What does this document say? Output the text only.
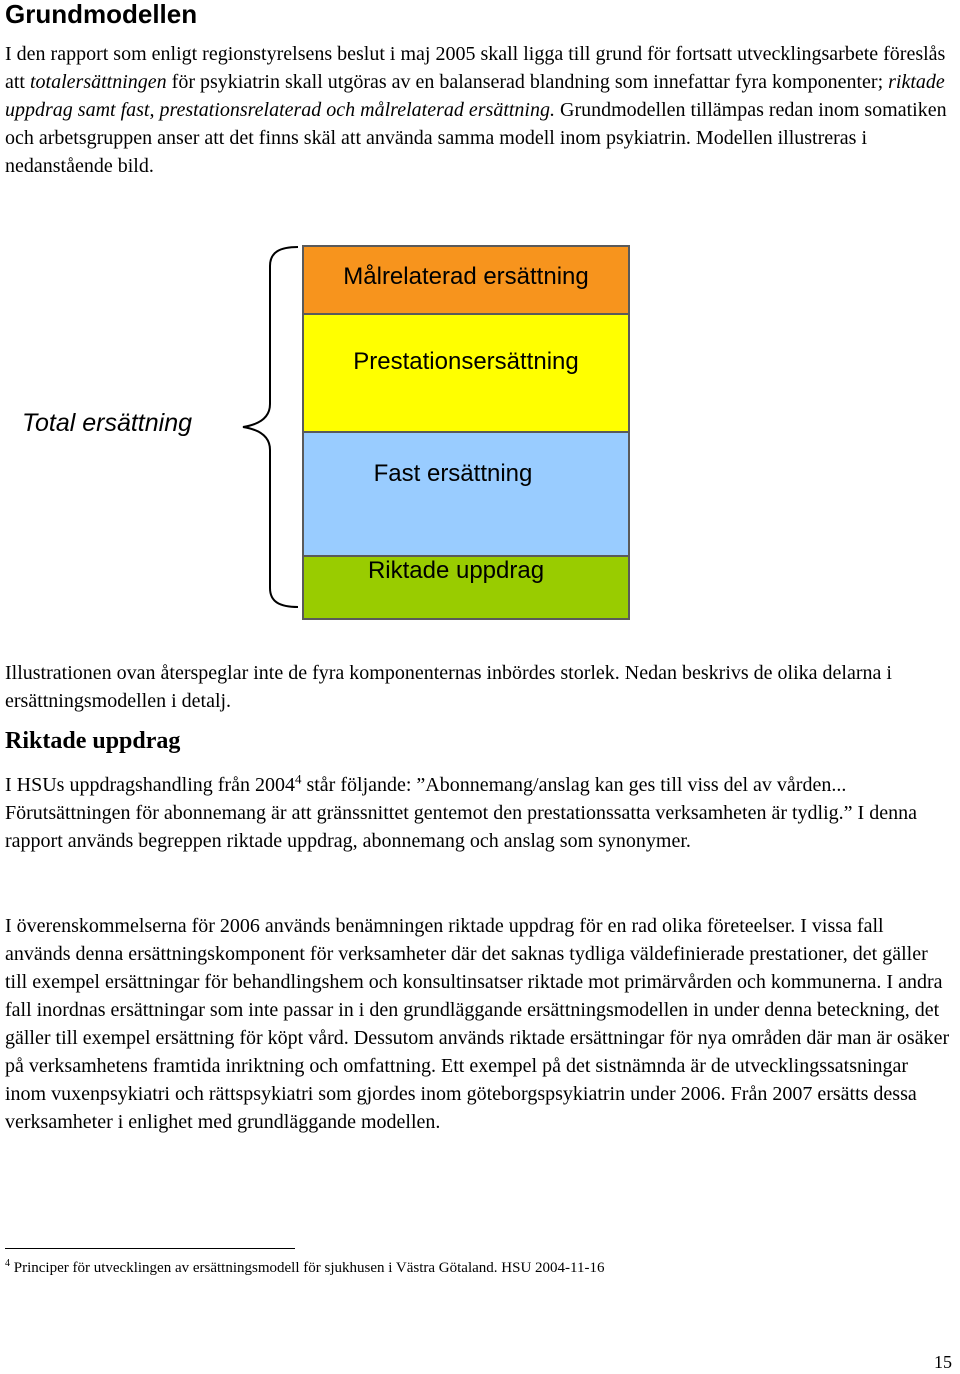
Grundmodellen

I den rapport som enligt regionstyrelsens beslut i maj 2005 skall ligga till grund för fortsatt utvecklingsarbete föreslås att totalersättningen för psykiatrin skall utgöras av en balanserad blandning som innefattar fyra komponenter; riktade uppdrag samt fast, prestationsrelaterad och målrelaterad ersättning. Grundmodellen tillämpas redan inom somatiken och arbetsgruppen anser att det finns skäl att använda samma modell inom psykiatrin. Modellen illustreras i nedanstående bild.

Total ersättning
Målrelaterad ersättning
Prestationsersättning
Fast ersättning
Riktade uppdrag

Illustrationen ovan återspeglar inte de fyra komponenternas inbördes storlek. Nedan beskrivs de olika delarna i ersättningsmodellen i detalj.

Riktade uppdrag

I HSUs uppdragshandling från 2004$^4$ står följande: ”Abonnemang/anslag kan ges till viss del av vården... Förutsättningen för abonnemang är att gränssnittet gentemot den prestationssatta verksamheten är tydlig.” I denna rapport används begreppen riktade uppdrag, abonnemang och anslag som synonymer.

I överenskommelserna för 2006 används benämningen riktade uppdrag för en rad olika företeelser. I vissa fall används denna ersättningskomponent för verksamheter där det saknas tydliga väldefinierade prestationer, det gäller till exempel ersättningar för behandlingshem och konsultinsatser riktade mot primärvården och kommunerna. I andra fall inordnas ersättningar som inte passar in i den grundläggande ersättningsmodellen in under denna beteckning, det gäller till exempel ersättning för köpt vård. Dessutom används riktade ersättningar för nya områden där man är osäker på verksamhetens framtida inriktning och omfattning. Ett exempel på det sistnämnda är de utvecklingssatsningar inom vuxenpsykiatri och rättspsykiatri som gjordes inom göteborgspsykiatrin under 2006. Från 2007 ersätts dessa verksamheter i enlighet med grundläggande modellen.

$^4$ Principer för utvecklingen av ersättningsmodell för sjukhusen i Västra Götaland. HSU 2004-11-16
15
